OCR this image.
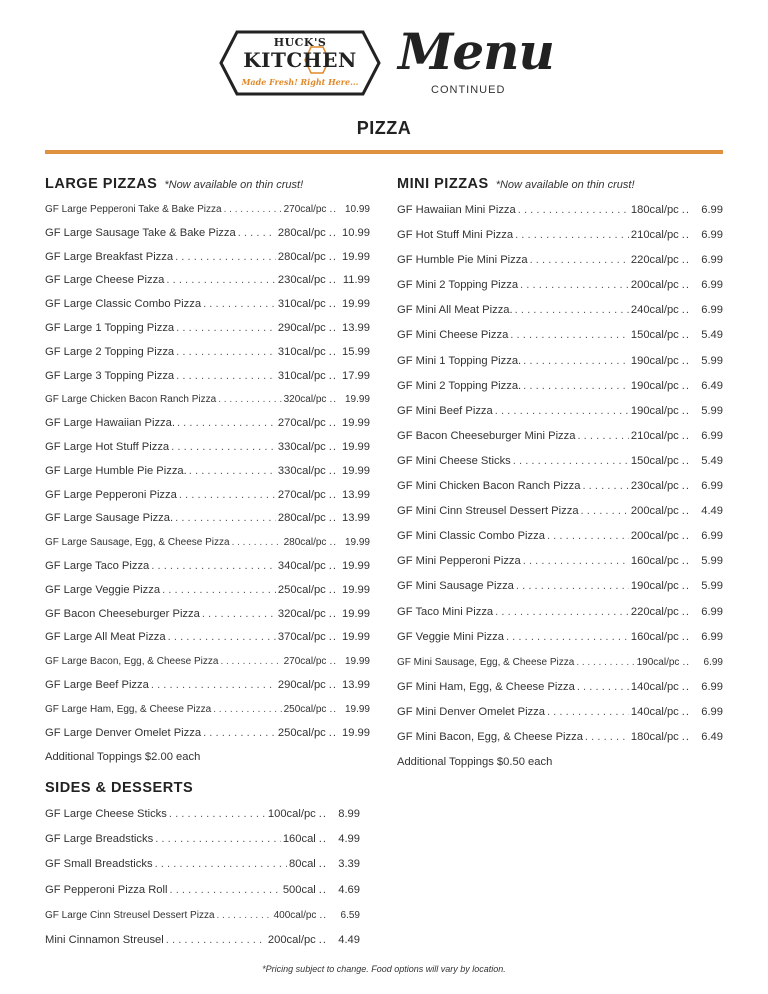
HUCK'S
KITCHEN
Made Fresh! Right Here...
Menu
CONTINUED
PIZZA
LARGE PIZZAS *Now available on thin crust!
GF Large Pepperoni Take & Bake Pizza . . .	270cal/pc .. 10.99
GF Large Sausage Take & Bake Pizza . . .	280cal/pc .. 10.99
GF Large Breakfast Pizza . . .	280cal/pc .. 19.99
GF Large Cheese Pizza . . .	230cal/pc .. 11.99
GF Large Classic Combo Pizza . . .	310cal/pc .. 19.99
GF Large 1 Topping Pizza . . .	290cal/pc .. 13.99
GF Large 2 Topping Pizza . . .	310cal/pc .. 15.99
GF Large 3 Topping Pizza . . .	310cal/pc .. 17.99
GF Large Chicken Bacon Ranch Pizza . . .	320cal/pc .. 19.99
GF Large Hawaiian Pizza. . . .	270cal/pc .. 19.99
GF Large Hot Stuff Pizza . . .	330cal/pc .. 19.99
GF Large Humble Pie Pizza. . . .	330cal/pc .. 19.99
GF Large Pepperoni Pizza . . .	270cal/pc .. 13.99
GF Large Sausage Pizza. . . .	280cal/pc .. 13.99
GF Large Sausage, Egg, & Cheese Pizza . . .	280cal/pc .. 19.99
GF Large Taco Pizza . . .	340cal/pc .. 19.99
GF Large Veggie Pizza . . .	250cal/pc .. 19.99
GF Bacon Cheeseburger Pizza . . .	320cal/pc .. 19.99
GF Large All Meat Pizza . . .	370cal/pc .. 19.99
GF Large Bacon, Egg, & Cheese Pizza . . .	270cal/pc .. 19.99
GF Large Beef Pizza . . .	290cal/pc .. 13.99
GF Large Ham, Egg, & Cheese Pizza . . .	250cal/pc .. 19.99
GF Large Denver Omelet Pizza . . .	250cal/pc .. 19.99
Additional Toppings $2.00 each
MINI PIZZAS *Now available on thin crust!
GF Hawaiian Mini Pizza . . .	180cal/pc ..	6.99
GF Hot Stuff Mini Pizza . . .	210cal/pc ..	6.99
GF Humble Pie Mini Pizza . . .	220cal/pc ..	6.99
GF Mini 2 Topping Pizza . . .	200cal/pc ..	6.99
GF Mini All Meat Pizza. . . .	240cal/pc ..	6.99
GF Mini Cheese Pizza . . .	150cal/pc ..	5.49
GF Mini 1 Topping Pizza. . . .	190cal/pc ..	5.99
GF Mini 2 Topping Pizza. . . .	190cal/pc ..	6.49
GF Mini Beef Pizza . . .	190cal/pc ..	5.99
GF Bacon Cheeseburger Mini Pizza . . .	210cal/pc ..	6.99
GF Mini Cheese Sticks . . .	150cal/pc ..	5.49
GF Mini Chicken Bacon Ranch Pizza . . .	230cal/pc ..	6.99
GF Mini Cinn Streusel Dessert Pizza . . .	200cal/pc ..	4.49
GF Mini Classic Combo Pizza . . .	200cal/pc ..	6.99
GF Mini Pepperoni Pizza . . .	160cal/pc ..	5.99
GF Mini Sausage Pizza . . .	190cal/pc ..	5.99
GF Taco Mini Pizza . . .	220cal/pc ..	6.99
GF Veggie Mini Pizza . . .	160cal/pc ..	6.99
GF Mini Sausage, Egg, & Cheese Pizza . . .	190cal/pc ..	6.99
GF Mini Ham, Egg, & Cheese Pizza . . .	140cal/pc ..	6.99
GF Mini Denver Omelet Pizza . . .	140cal/pc ..	6.99
GF Mini Bacon, Egg, & Cheese Pizza . . .	180cal/pc ..	6.49
Additional Toppings $0.50 each
SIDES & DESSERTS
GF Large Cheese Sticks . . .	100cal/pc ..	8.99
GF Large Breadsticks . . .	160cal ..	4.99
GF Small Breadsticks . . .	80cal ..	3.39
GF Pepperoni Pizza Roll . . .	500cal ..	4.69
GF Large Cinn Streusel Dessert Pizza . . .	400cal/pc ..	6.59
Mini Cinnamon Streusel . . .	200cal/pc ..	4.49
*Pricing subject to change. Food options will vary by location.
